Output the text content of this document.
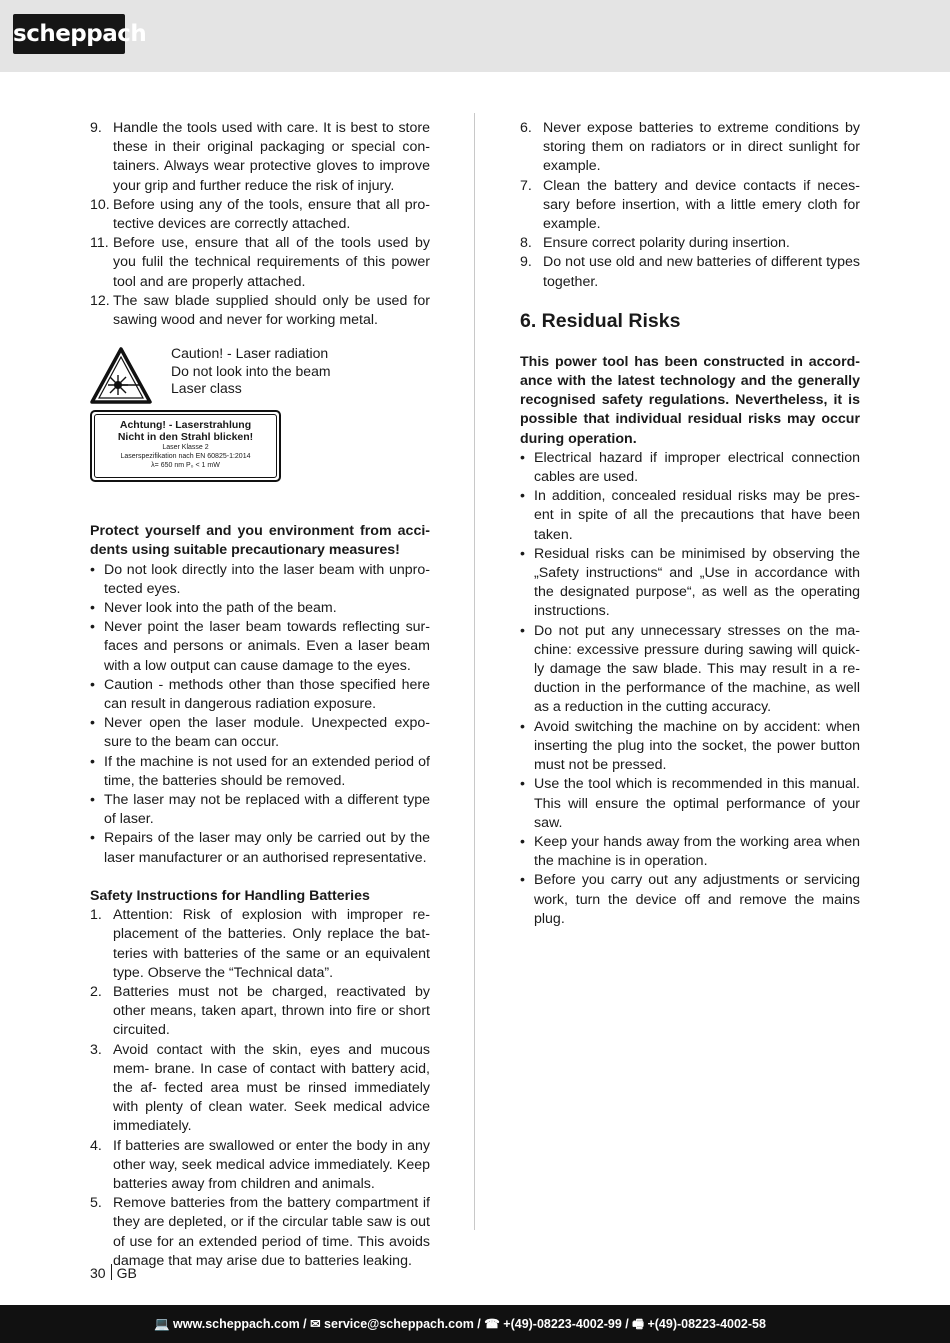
scheppach
9. Handle the tools used with care. It is best to store these in their original packaging or special con- tainers. Always wear protective gloves to improve your grip and further reduce the risk of injury.
10. Before using any of the tools, ensure that all pro- tective devices are correctly attached.
11. Before use, ensure that all of the tools used by you fulil the technical requirements of this power tool and are properly attached.
12. The saw blade supplied should only be used for sawing wood and never for working metal.
Caution! - Laser radiation
Do not look into the beam
Laser class
Achtung! - Laserstrahlung
Nicht in den Strahl blicken!
Laser Klasse 2
Laserspezifikation nach EN 60825-1:2014
λ= 650 nm P₀ < 1 mW
Protect yourself and you environment from acci- dents using suitable precautionary measures!
• Do not look directly into the laser beam with unpro- tected eyes.
• Never look into the path of the beam.
• Never point the laser beam towards reflecting sur- faces and persons or animals. Even a laser beam with a low output can cause damage to the eyes.
• Caution - methods other than those specified here can result in dangerous radiation exposure.
• Never open the laser module. Unexpected expo- sure to the beam can occur.
• If the machine is not used for an extended period of time, the batteries should be removed.
• The laser may not be replaced with a different type of laser.
• Repairs of the laser may only be carried out by the laser manufacturer or an authorised representative.
Safety Instructions for Handling Batteries
1. Attention: Risk of explosion with improper re- placement of the batteries. Only replace the bat- teries with batteries of the same or an equivalent type. Observe the “Technical data”.
2. Batteries must not be charged, reactivated by other means, taken apart, thrown into fire or short circuited.
3. Avoid contact with the skin, eyes and mucous mem- brane. In case of contact with battery acid, the af- fected area must be rinsed immediately with plenty of clean water. Seek medical advice immediately.
4. If batteries are swallowed or enter the body in any other way, seek medical advice immediately. Keep batteries away from children and animals.
5. Remove batteries from the battery compartment if they are depleted, or if the circular table saw is out of use for an extended period of time. This avoids damage that may arise due to batteries leaking.
6. Never expose batteries to extreme conditions by storing them on radiators or in direct sunlight for example.
7. Clean the battery and device contacts if neces- sary before insertion, with a little emery cloth for example.
8. Ensure correct polarity during insertion.
9. Do not use old and new batteries of different types together.
6. Residual Risks
This power tool has been constructed in accord- ance with the latest technology and the generally recognised safety regulations. Nevertheless, it is possible that individual residual risks may occur during operation.
• Electrical hazard if improper electrical connection cables are used.
• In addition, concealed residual risks may be pres- ent in spite of all the precautions that have been taken.
• Residual risks can be minimised by observing the „Safety instructions“ and „Use in accordance with the designated purpose“, as well as the operating instructions.
• Do not put any unnecessary stresses on the ma- chine: excessive pressure during sawing will quick- ly damage the saw blade. This may result in a re- duction in the performance of the machine, as well as a reduction in the cutting accuracy.
• Avoid switching the machine on by accident: when inserting the plug into the socket, the power button must not be pressed.
• Use the tool which is recommended in this manual. This will ensure the optimal performance of your saw.
• Keep your hands away from the working area when the machine is in operation.
• Before you carry out any adjustments or servicing work, turn the device off and remove the mains plug.
30 GB
💻 www.scheppach.com / ✉ service@scheppach.com / ☎ +(49)-08223-4002-99 / 🖷 +(49)-08223-4002-58
